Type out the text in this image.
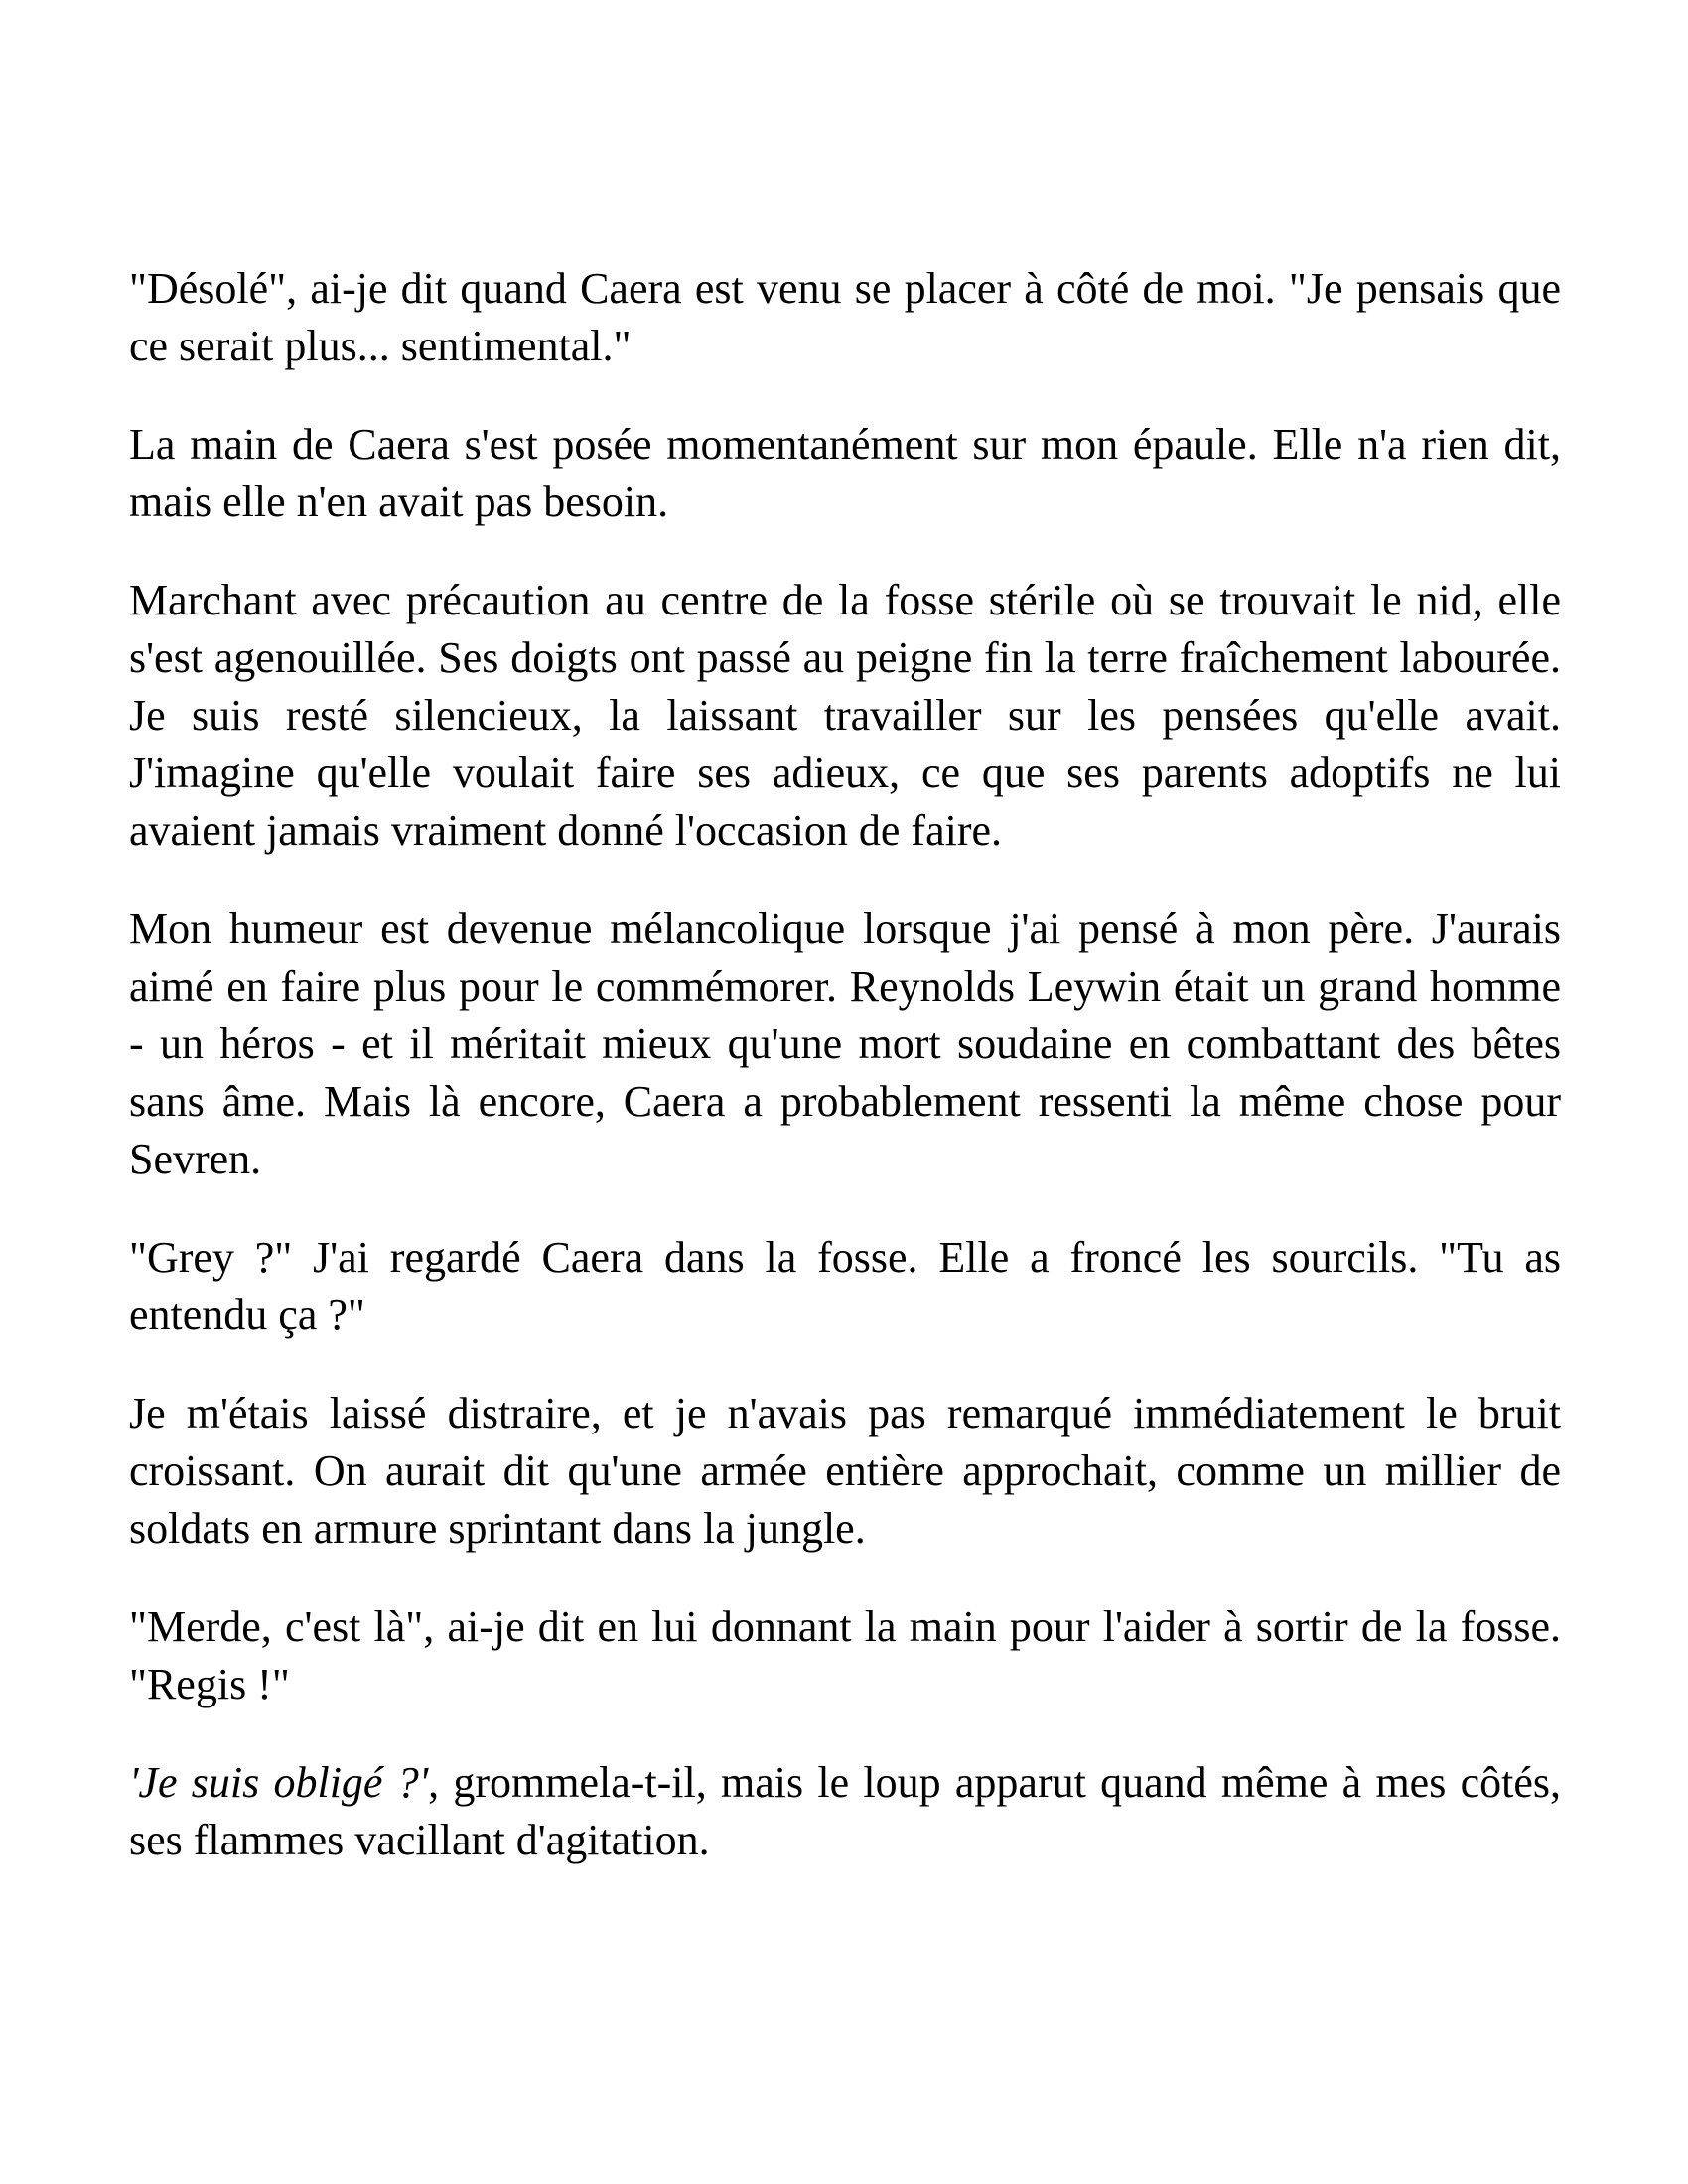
"Désolé", ai-je dit quand Caera est venu se placer à côté de moi. "Je pensais que ce serait plus... sentimental."

La main de Caera s'est posée momentanément sur mon épaule. Elle n'a rien dit, mais elle n'en avait pas besoin.

Marchant avec précaution au centre de la fosse stérile où se trouvait le nid, elle s'est agenouillée. Ses doigts ont passé au peigne fin la terre fraîchement labourée. Je suis resté silencieux, la laissant travailler sur les pensées qu'elle avait. J'imagine qu'elle voulait faire ses adieux, ce que ses parents adoptifs ne lui avaient jamais vraiment donné l'occasion de faire.

Mon humeur est devenue mélancolique lorsque j'ai pensé à mon père. J'aurais aimé en faire plus pour le commémorer. Reynolds Leywin était un grand homme - un héros - et il méritait mieux qu'une mort soudaine en combattant des bêtes sans âme. Mais là encore, Caera a probablement ressenti la même chose pour Sevren.

"Grey ?" J'ai regardé Caera dans la fosse. Elle a froncé les sourcils. "Tu as entendu ça ?"

Je m'étais laissé distraire, et je n'avais pas remarqué immédiatement le bruit croissant. On aurait dit qu'une armée entière approchait, comme un millier de soldats en armure sprintant dans la jungle.

"Merde, c'est là", ai-je dit en lui donnant la main pour l'aider à sortir de la fosse. "Regis !"

'Je suis obligé ?', grommela-t-il, mais le loup apparut quand même à mes côtés, ses flammes vacillant d'agitation.
